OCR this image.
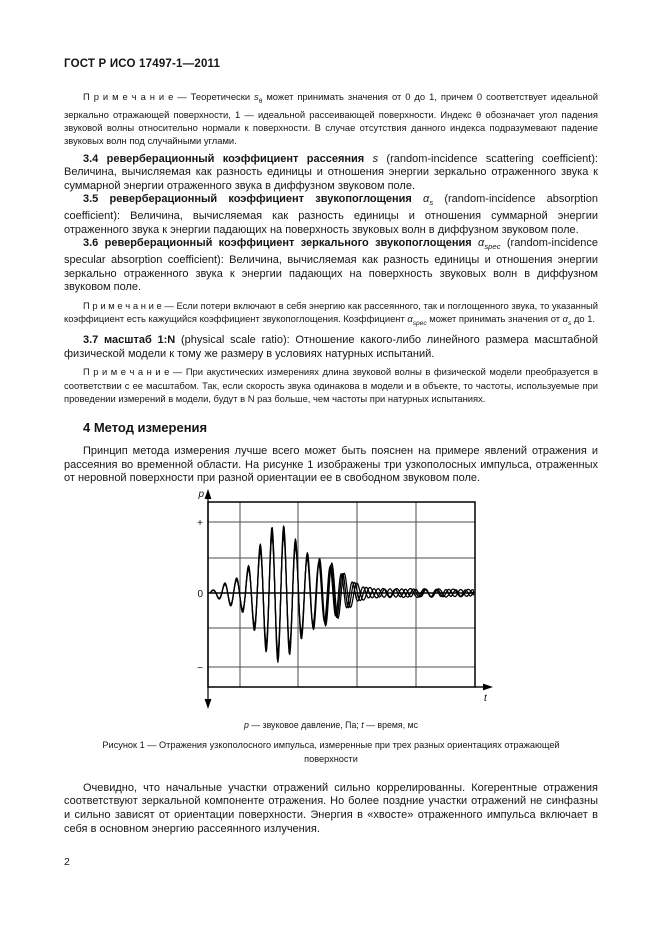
ГОСТ Р ИСО 17497-1—2011

П р и м е ч а н и е — Теоретически $s_\theta$ может принимать значения от 0 до 1, причем 0 соответствует идеальной зеркально отражающей поверхности, 1 — идеальной рассеивающей поверхности. Индекс θ обозначает угол падения звуковой волны относительно нормали к поверхности. В случае отсутствия данного индекса подразумевают падение звуковых волн под случайными углами.

3.4 реверберационный коэффициент рассеяния s (random-incidence scattering coefficient): Величина, вычисляемая как разность единицы и отношения энергии зеркально отраженного звука к суммарной энергии отраженного звука в диффузном звуковом поле.

3.5 реверберационный коэффициент звукопоглощения $\alpha_s$ (random-incidence absorption coefficient): Величина, вычисляемая как разность единицы и отношения суммарной энергии отраженного звука к энергии падающих на поверхность звуковых волн в диффузном звуковом поле.

3.6 реверберационный коэффициент зеркального звукопоглощения $\alpha_{spec}$ (random-incidence specular absorption coefficient): Величина, вычисляемая как разность единицы и отношения энергии зеркально отраженного звука к энергии падающих на поверхность звуковых волн в диффузном звуковом поле.

П р и м е ч а н и е — Если потери включают в себя энергию как рассеянного, так и поглощенного звука, то указанный коэффициент есть кажущийся коэффициент звукопоглощения. Коэффициент $\alpha_{spec}$ может принимать значения от $\alpha_s$ до 1.

3.7 масштаб 1:N (physical scale ratio): Отношение какого-либо линейного размера масштабной физической модели к тому же размеру в условиях натурных испытаний.

П р и м е ч а н и е — При акустических измерениях длина звуковой волны в физической модели преобразуется в соответствии с ее масштабом. Так, если скорость звука одинакова в модели и в объекте, то частоты, используемые при проведении измерений в модели, будут в N раз больше, чем частоты при натурных испытаниях.

4 Метод измерения

Принцип метода измерения лучше всего может быть пояснен на примере явлений отражения и рассеяния во временной области. На рисунке 1 изображены три узкополосных импульса, отраженных от неровной поверхности при разной ориентации ее в свободном звуковом поле.

p
+
0
−
t
p — звуковое давление, Па; t — время, мс
Рисунок 1 — Отражения узкополосного импульса, измеренные при трех разных ориентациях отражающей поверхности

Очевидно, что начальные участки отражений сильно коррелированны. Когерентные отражения соответствуют зеркальной компоненте отражения. Но более поздние участки отражений не синфазны и сильно зависят от ориентации поверхности. Энергия в «хвосте» отраженного импульса включает в себя в основном энергию рассеянного излучения.

2
